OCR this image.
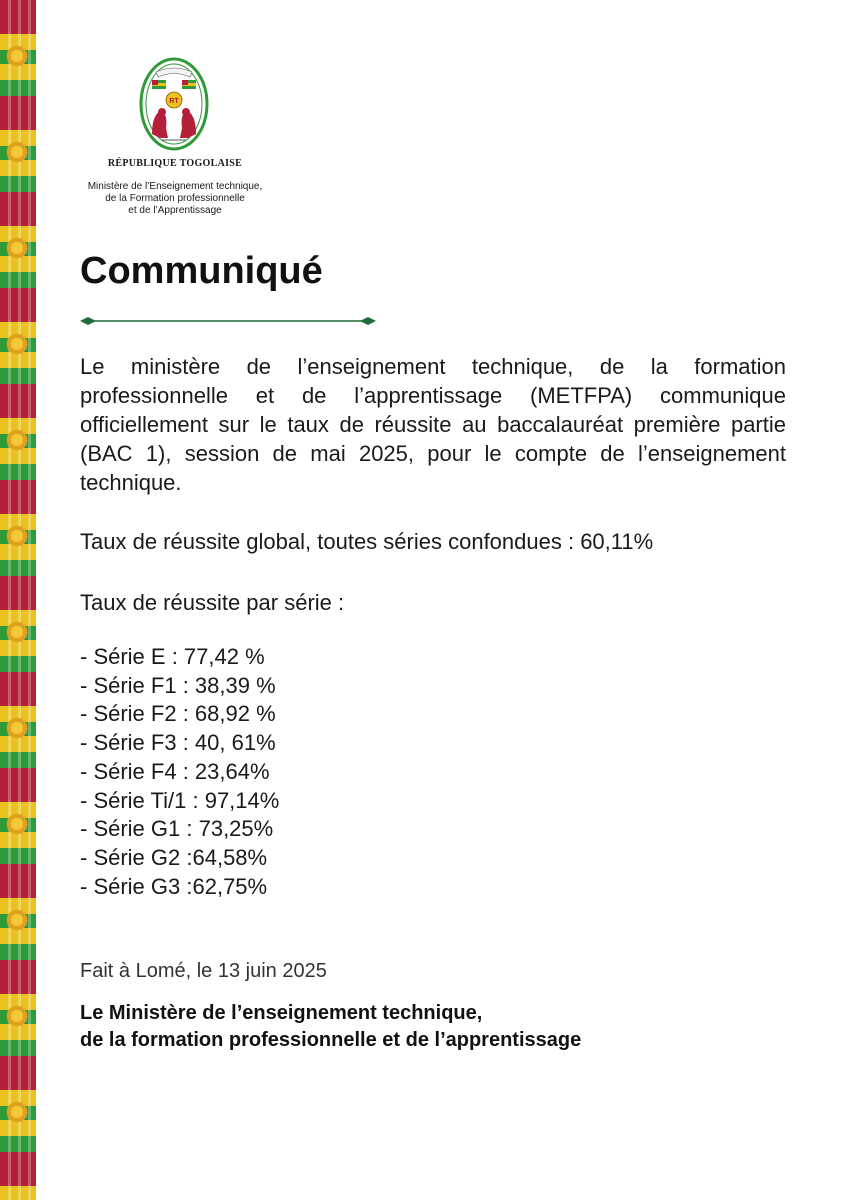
RT
RÉPUBLIQUE TOGOLAISE
Ministère de l’Enseignement technique,
de la Formation professionnelle
et de l’Apprentissage
Communiqué

Le ministère de l’enseignement technique, de la formation professionnelle et de l’apprentissage (METFPA) communique officiellement sur le taux de réussite au baccalauréat première partie (BAC 1), session de mai 2025, pour le compte de l’enseignement technique.

Taux de réussite global, toutes séries confondues : 60,11%

Taux de réussite par série :

- Série E : 77,42 %
- Série F1 : 38,39 %
- Série F2 : 68,92 %
- Série F3 : 40, 61%
- Série F4 : 23,64%
- Série Ti/1 : 97,14%
- Série G1 : 73,25%
- Série G2 :64,58%
- Série G3 :62,75%

Fait à Lomé, le 13 juin 2025

Le Ministère de l’enseignement technique,
de la formation professionnelle et de l’apprentissage
